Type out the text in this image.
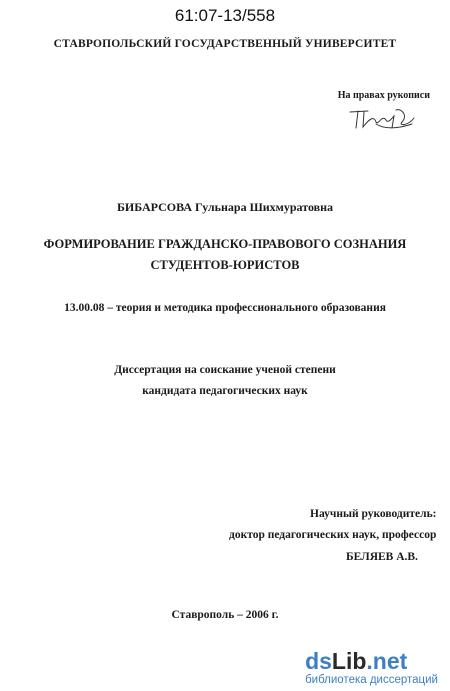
61:07-13/558
СТАВРОПОЛЬСКИЙ ГОСУДАРСТВЕННЫЙ УНИВЕРСИТЕТ
На правах рукописи
БИБАРСОВА Гульнара Шихмуратовна
ФОРМИРОВАНИЕ ГРАЖДАНСКО-ПРАВОВОГО СОЗНАНИЯ
СТУДЕНТОВ-ЮРИСТОВ
13.00.08 – теория и методика профессионального образования
Диссертация на соискание ученой степени
кандидата педагогических наук
Научный руководитель:
доктор педагогических наук, профессор
БЕЛЯЕВ А.В.
Ставрополь – 2006 г.
dsLib.net
библиотека диссертаций
